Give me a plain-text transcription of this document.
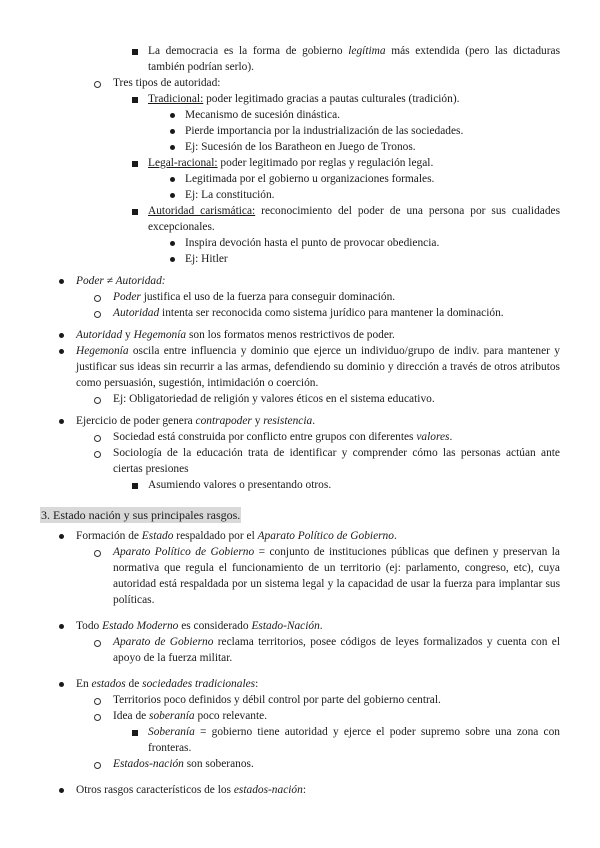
La democracia es la forma de gobierno legítima más extendida (pero las dictaduras también podrían serlo).
Tres tipos de autoridad:
Tradicional: poder legitimado gracias a pautas culturales (tradición).
Mecanismo de sucesión dinástica.
Pierde importancia por la industrialización de las sociedades.
Ej: Sucesión de los Baratheon en Juego de Tronos.
Legal-racional: poder legitimado por reglas y regulación legal.
Legitimada por el gobierno u organizaciones formales.
Ej: La constitución.
Autoridad carismática: reconocimiento del poder de una persona por sus cualidades excepcionales.
Inspira devoción hasta el punto de provocar obediencia.
Ej: Hitler
Poder ≠ Autoridad:
Poder justifica el uso de la fuerza para conseguir dominación.
Autoridad intenta ser reconocida como sistema jurídico para mantener la dominación.
Autoridad y Hegemonía son los formatos menos restrictivos de poder.
Hegemonía oscila entre influencia y dominio que ejerce un individuo/grupo de indiv. para mantener y justificar sus ideas sin recurrir a las armas, defendiendo su dominio y dirección a través de otros atributos como persuasión, sugestión, intimidación o coerción.
Ej: Obligatoriedad de religión y valores éticos en el sistema educativo.
Ejercicio de poder genera contrapoder y resistencia.
Sociedad está construida por conflicto entre grupos con diferentes valores.
Sociología de la educación trata de identificar y comprender cómo las personas actúan ante ciertas presiones
Asumiendo valores o presentando otros.
3. Estado nación y sus principales rasgos.
Formación de Estado respaldado por el Aparato Político de Gobierno.
Aparato Político de Gobierno = conjunto de instituciones públicas que definen y preservan la normativa que regula el funcionamiento de un territorio (ej: parlamento, congreso, etc), cuya autoridad está respaldada por un sistema legal y la capacidad de usar la fuerza para implantar sus políticas.
Todo Estado Moderno es considerado Estado-Nación.
Aparato de Gobierno reclama territorios, posee códigos de leyes formalizados y cuenta con el apoyo de la fuerza militar.
En estados de sociedades tradicionales:
Territorios poco definidos y débil control por parte del gobierno central.
Idea de soberanía poco relevante.
Soberanía = gobierno tiene autoridad y ejerce el poder supremo sobre una zona con fronteras.
Estados-nación son soberanos.
Otros rasgos característicos de los estados-nación:
